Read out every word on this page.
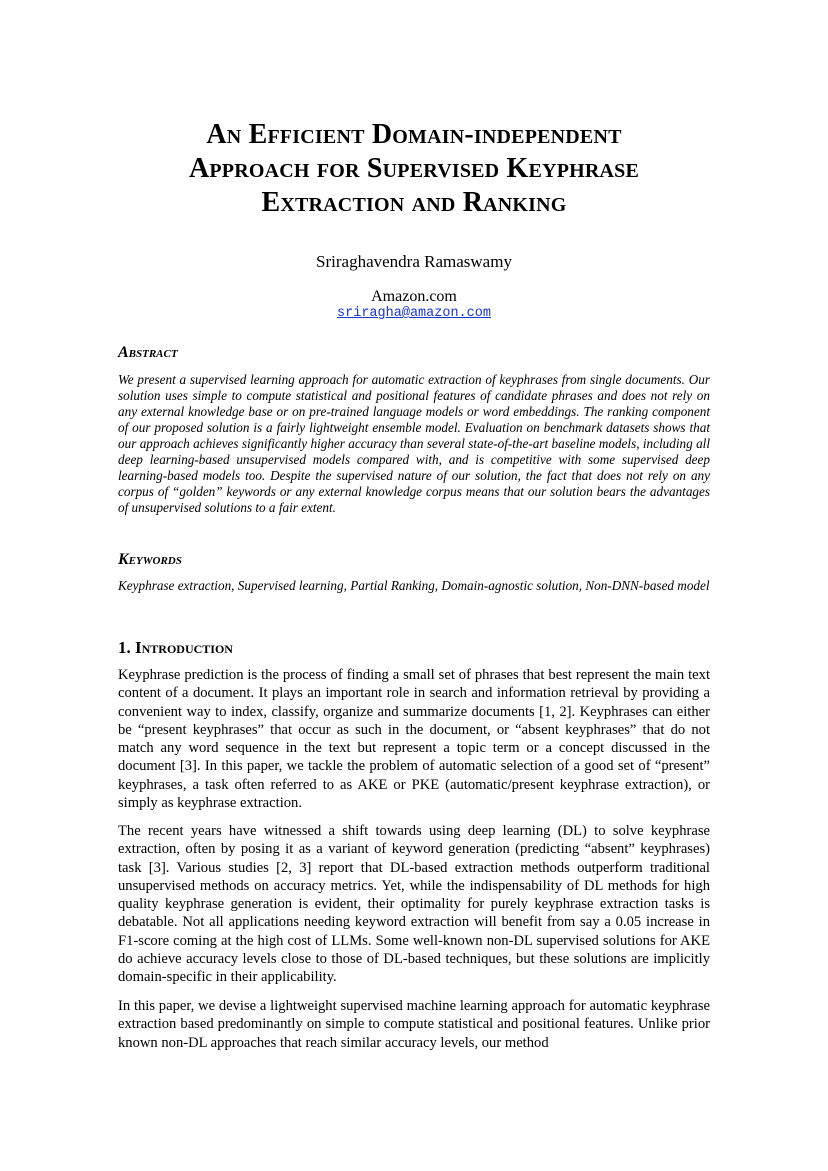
An Efficient Domain-independent
Approach for Supervised Keyphrase
Extraction and Ranking
Sriraghavendra Ramaswamy
Amazon.com
sriragha@amazon.com
Abstract
We present a supervised learning approach for automatic extraction of keyphrases from single documents. Our solution uses simple to compute statistical and positional features of candidate phrases and does not rely on any external knowledge base or on pre-trained language models or word embeddings. The ranking component of our proposed solution is a fairly lightweight ensemble model. Evaluation on benchmark datasets shows that our approach achieves significantly higher accuracy than several state-of-the-art baseline models, including all deep learning-based unsupervised models compared with, and is competitive with some supervised deep learning-based models too. Despite the supervised nature of our solution, the fact that does not rely on any corpus of “golden” keywords or any external knowledge corpus means that our solution bears the advantages of unsupervised solutions to a fair extent.
Keywords
Keyphrase extraction, Supervised learning, Partial Ranking, Domain-agnostic solution, Non-DNN-based model
1. Introduction

Keyphrase prediction is the process of finding a small set of phrases that best represent the main text content of a document. It plays an important role in search and information retrieval by providing a convenient way to index, classify, organize and summarize documents [1, 2]. Keyphrases can either be “present keyphrases” that occur as such in the document, or “absent keyphrases” that do not match any word sequence in the text but represent a topic term or a concept discussed in the document [3]. In this paper, we tackle the problem of automatic selection of a good set of “present” keyphrases, a task often referred to as AKE or PKE (automatic/present keyphrase extraction), or simply as keyphrase extraction.

The recent years have witnessed a shift towards using deep learning (DL) to solve keyphrase extraction, often by posing it as a variant of keyword generation (predicting “absent” keyphrases) task [3]. Various studies [2, 3] report that DL-based extraction methods outperform traditional unsupervised methods on accuracy metrics. Yet, while the indispensability of DL methods for high quality keyphrase generation is evident, their optimality for purely keyphrase extraction tasks is debatable. Not all applications needing keyword extraction will benefit from say a 0.05 increase in F1-score coming at the high cost of LLMs. Some well-known non-DL supervised solutions for AKE do achieve accuracy levels close to those of DL-based techniques, but these solutions are implicitly domain-specific in their applicability.

In this paper, we devise a lightweight supervised machine learning approach for automatic keyphrase extraction based predominantly on simple to compute statistical and positional features. Unlike prior known non-DL approaches that reach similar accuracy levels, our method
